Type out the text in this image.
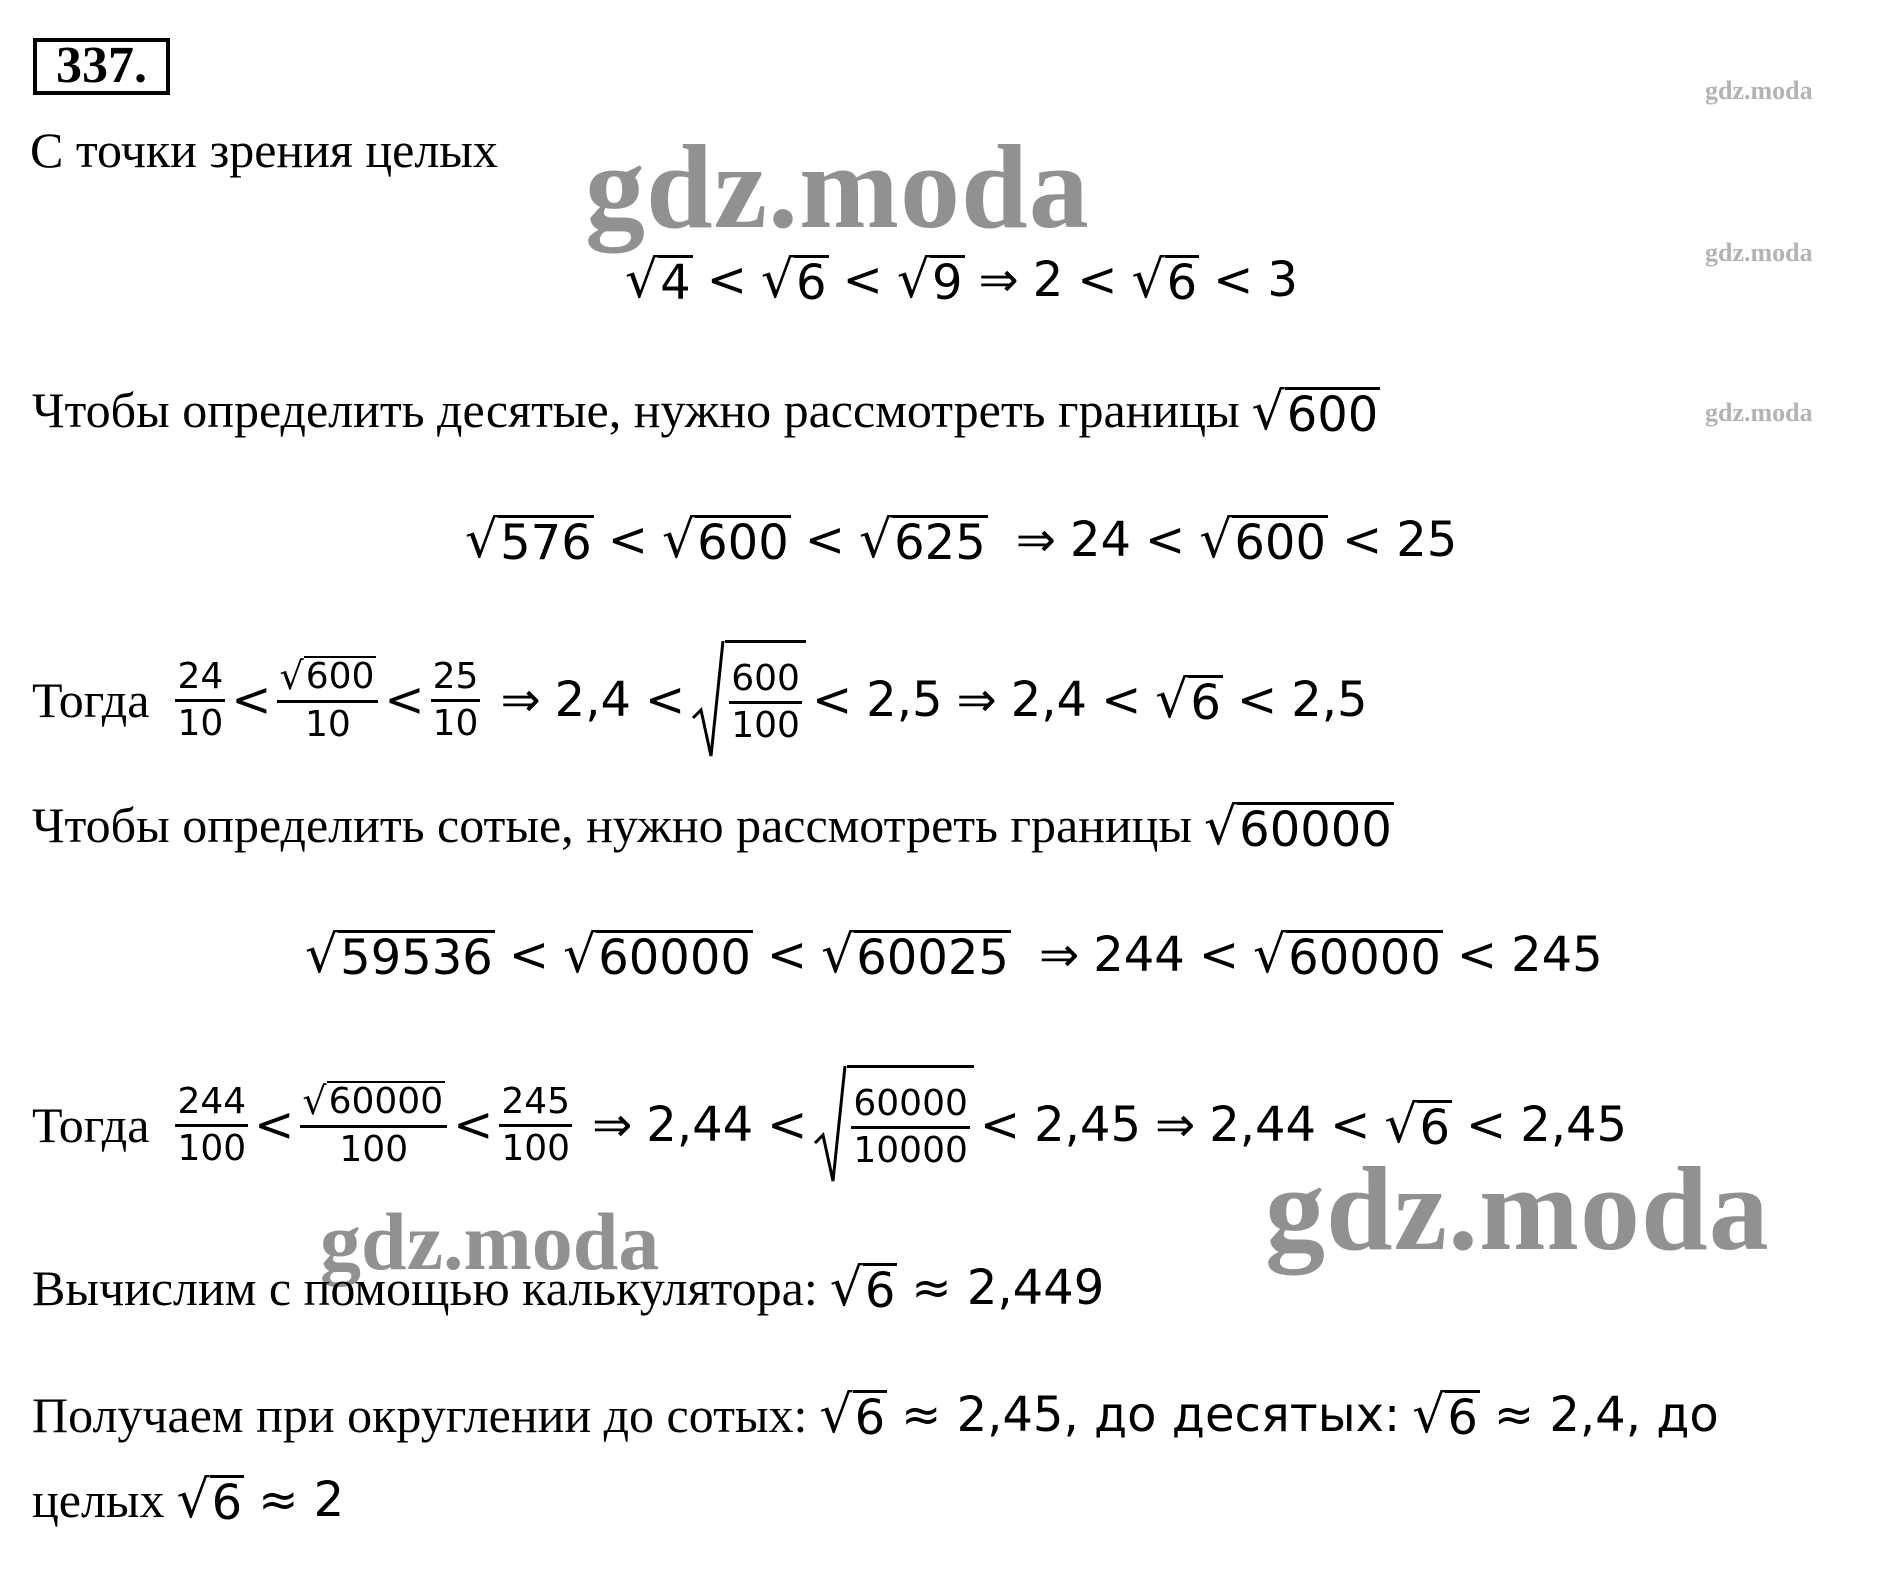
337.	gdz.moda
gdz.moda
gdz.moda
С точки зрения целых gdz.moda
√ 4 < √ 6 < √ 9 ⇒ 2 < √ 6 < 3
Чтобы определить десятые, нужно рассмотреть границы √ 600
√ 576 < √ 600 < √ 625 ⇒ 24 < √ 600 < 25
Тогда $\frac{24}{10} < \frac{√ 600}{10} < \frac{25}{10}$ ⇒ $2,4 < \frac{600}{100} < 2,5$ ⇒ 2,4 < √ 6 < 2,5
Чтобы определить сотые, нужно рассмотреть границы √ 60000
√ 59536 < √ 60000 < √ 60025 ⇒ 244 < √ 60000 < 245
Тогда $\frac{244}{100} < \frac{√ 60000}{100} < \frac{245}{100}$ ⇒ $2,44 < \frac{60000}{10000} < 2,45$ ⇒ 2,44 < √ 6 < 2,45
gdz.moda
gdz.moda
Вычислим с помощью калькулятора: √ 6 ≈ 2,449
Получаем при округлении до сотых: √ 6 ≈ 2,45, до десятых: √ 6 ≈ 2,4, до
целых √ 6 ≈ 2
